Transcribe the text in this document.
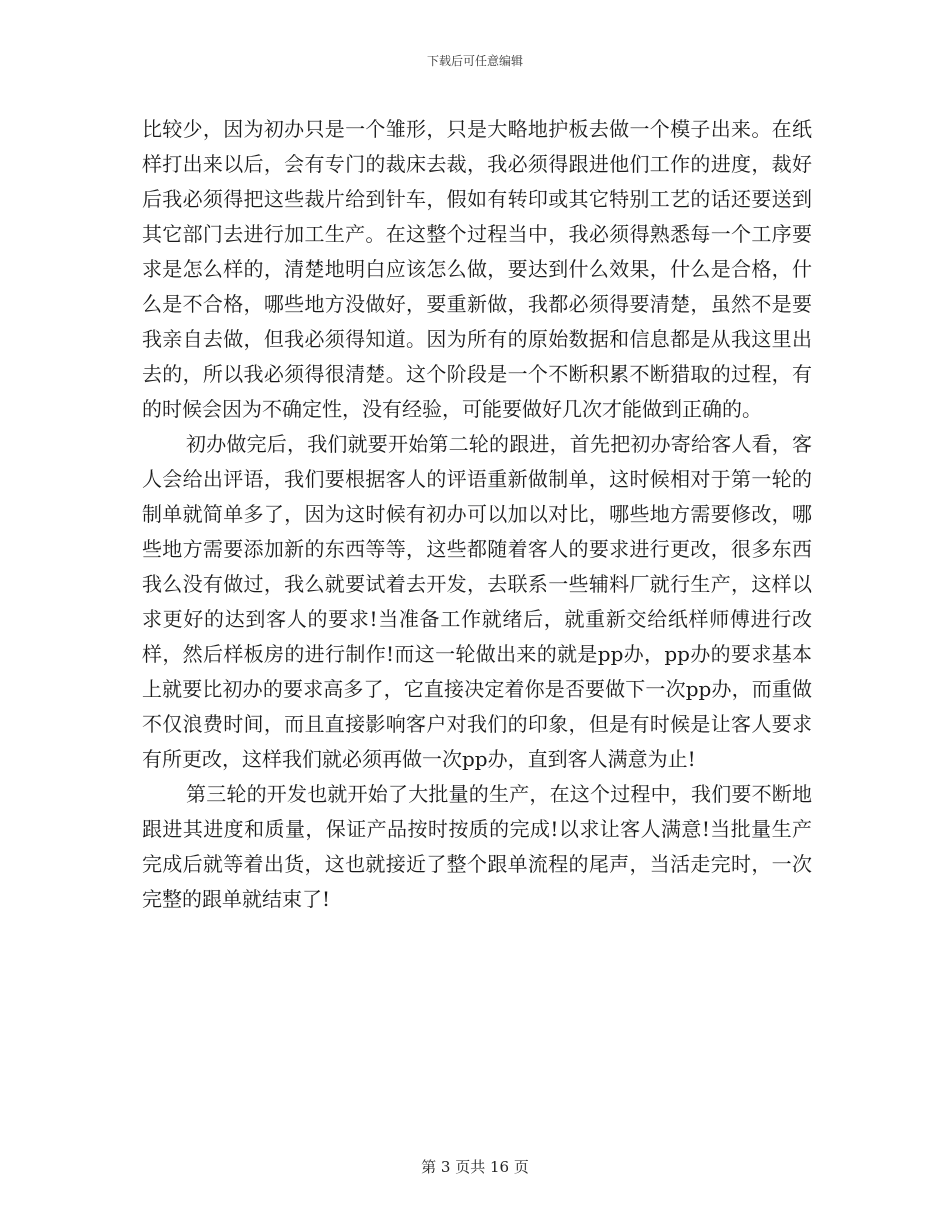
下载后可任意编辑

比较少，因为初办只是一个雏形，只是大略地护板去做一个模子出来。在纸样打出来以后，会有专门的裁床去裁，我必须得跟进他们工作的进度，裁好后我必须得把这些裁片给到针车，假如有转印或其它特别工艺的话还要送到其它部门去进行加工生产。在这整个过程当中，我必须得熟悉每一个工序要求是怎么样的，清楚地明白应该怎么做，要达到什么效果，什么是合格，什么是不合格，哪些地方没做好，要重新做，我都必须得要清楚，虽然不是要我亲自去做，但我必须得知道。因为所有的原始数据和信息都是从我这里出去的，所以我必须得很清楚。这个阶段是一个不断积累不断猎取的过程，有的时候会因为不确定性，没有经验，可能要做好几次才能做到正确的。

初办做完后，我们就要开始第二轮的跟进，首先把初办寄给客人看，客人会给出评语，我们要根据客人的评语重新做制单，这时候相对于第一轮的制单就简单多了，因为这时候有初办可以加以对比，哪些地方需要修改，哪些地方需要添加新的东西等等，这些都随着客人的要求进行更改，很多东西我么没有做过，我么就要试着去开发，去联系一些辅料厂就行生产，这样以求更好的达到客人的要求!当准备工作就绪后，就重新交给纸样师傅进行改样，然后样板房的进行制作!而这一轮做出来的就是pp办，pp办的要求基本上就要比初办的要求高多了，它直接决定着你是否要做下一次pp办，而重做不仅浪费时间，而且直接影响客户对我们的印象，但是有时候是让客人要求有所更改，这样我们就必须再做一次pp办，直到客人满意为止!

第三轮的开发也就开始了大批量的生产，在这个过程中，我们要不断地跟进其进度和质量，保证产品按时按质的完成!以求让客人满意!当批量生产完成后就等着出货，这也就接近了整个跟单流程的尾声，当活走完时，一次完整的跟单就结束了!

第 3 页共 16 页
